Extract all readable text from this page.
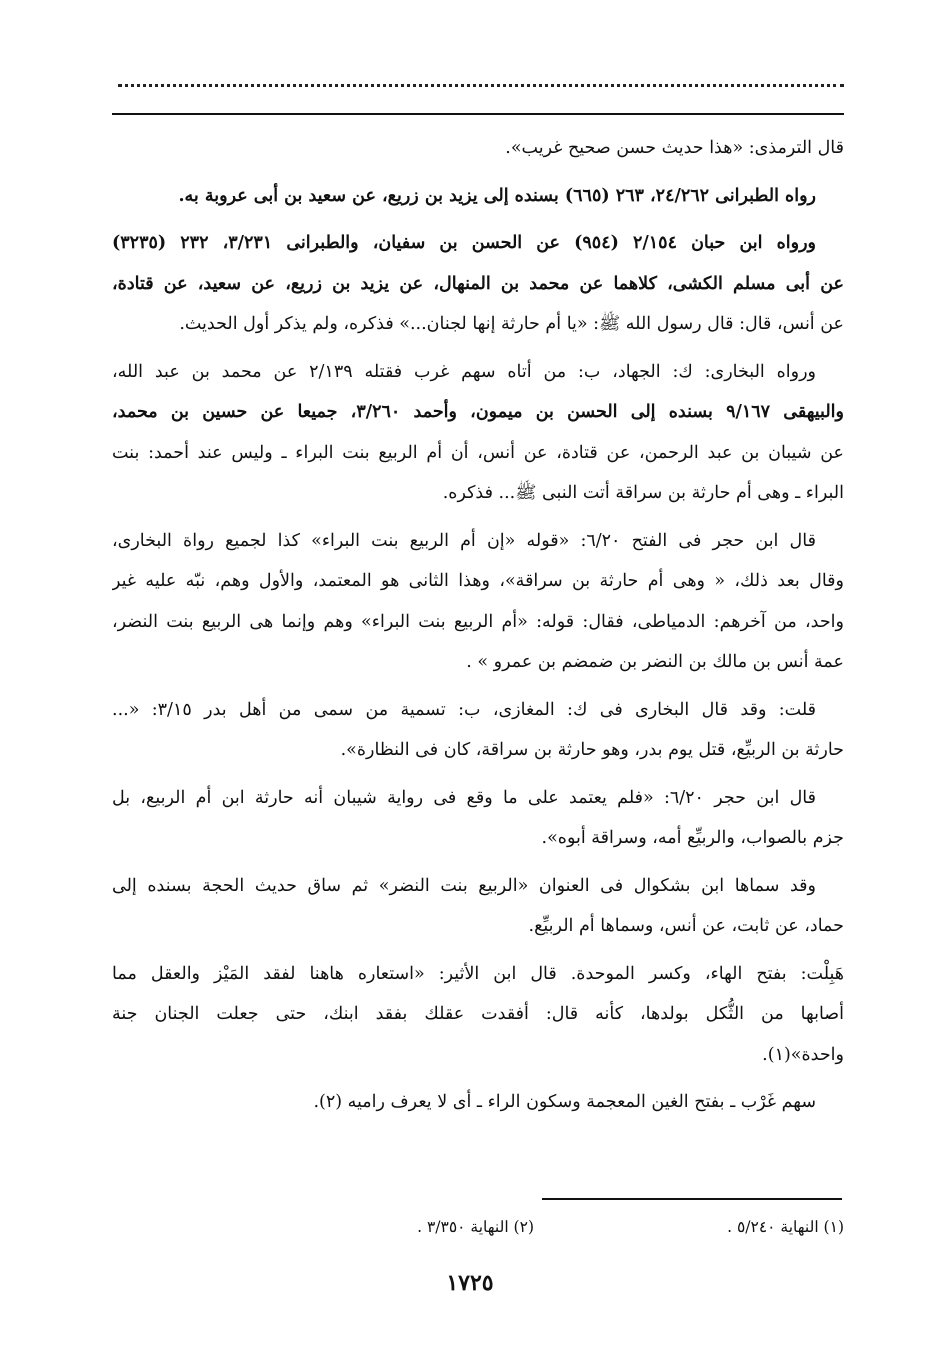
قال الترمذى: «هذا حديث حسن صحيح غريب».

رواه الطبرانى ٢٤/٢٦٢، ٢٦٣ (٦٦٥) بسنده إلى يزيد بن زريع، عن سعيد بن أبى عروبة به.

ورواه ابن حبان ٢/١٥٤ (٩٥٤) عن الحسن بن سفيان، والطبرانى ٣/٢٣١، ٢٣٢ (٣٢٣٥)
عن أبى مسلم الكشى، كلاهما عن محمد بن المنهال، عن يزيد بن زريع، عن سعيد، عن قتادة،
عن أنس، قال: قال رسول الله ﷺ: «يا أم حارثة إنها لجنان...» فذكره، ولم يذكر أول الحديث.

ورواه البخارى: ك: الجهاد، ب: من أتاه سهم غرب فقتله ٢/١٣٩ عن محمد بن عبد الله،
والبيهقى ٩/١٦٧ بسنده إلى الحسن بن ميمون، وأحمد ٣/٢٦٠، جميعا عن حسين بن محمد،
عن شيبان بن عبد الرحمن، عن قتادة، عن أنس، أن أم الربيع بنت البراء ـ وليس عند أحمد: بنت
البراء ـ وهى أم حارثة بن سراقة أتت النبى ﷺ... فذكره.

قال ابن حجر فى الفتح ٦/٢٠: «قوله «إن أم الربيع بنت البراء» كذا لجميع رواة البخارى،
وقال بعد ذلك، « وهى أم حارثة بن سراقة»، وهذا الثانى هو المعتمد، والأول وهم، نبّه عليه غير
واحد، من آخرهم: الدمياطى، فقال: قوله: «أم الربيع بنت البراء» وهم وإنما هى الربيع بنت النضر،
عمة أنس بن مالك بن النضر بن ضمضم بن عمرو » .

قلت: وقد قال البخارى فى ك: المغازى، ب: تسمية من سمى من أهل بدر ٣/١٥: «...
حارثة بن الربيِّع، قتل يوم بدر، وهو حارثة بن سراقة، كان فى النظارة».

قال ابن حجر ٦/٢٠: «فلم يعتمد على ما وقع فى رواية شيبان أنه حارثة ابن أم الربيع، بل
جزم بالصواب، والربيِّع أمه، وسراقة أبوه».

وقد سماها ابن بشكوال فى العنوان «الربيع بنت النضر» ثم ساق حديث الحجة بسنده إلى
حماد، عن ثابت، عن أنس، وسماها أم الربيِّع.

هَبِلْت: بفتح الهاء، وكسر الموحدة. قال ابن الأثير: «استعاره هاهنا لفقد المَيْز والعقل مما
أصابها من الثُّكل بولدها، كأنه قال: أفقدت عقلك بفقد ابنك، حتى جعلت الجنان جنة
واحدة»(١).

سهم غَرْب ـ بفتح الغين المعجمة وسكون الراء ـ أى لا يعرف راميه (٢).

(١) النهاية ٥/٢٤٠ .
(٢) النهاية ٣/٣٥٠ .
١٧٢٥
